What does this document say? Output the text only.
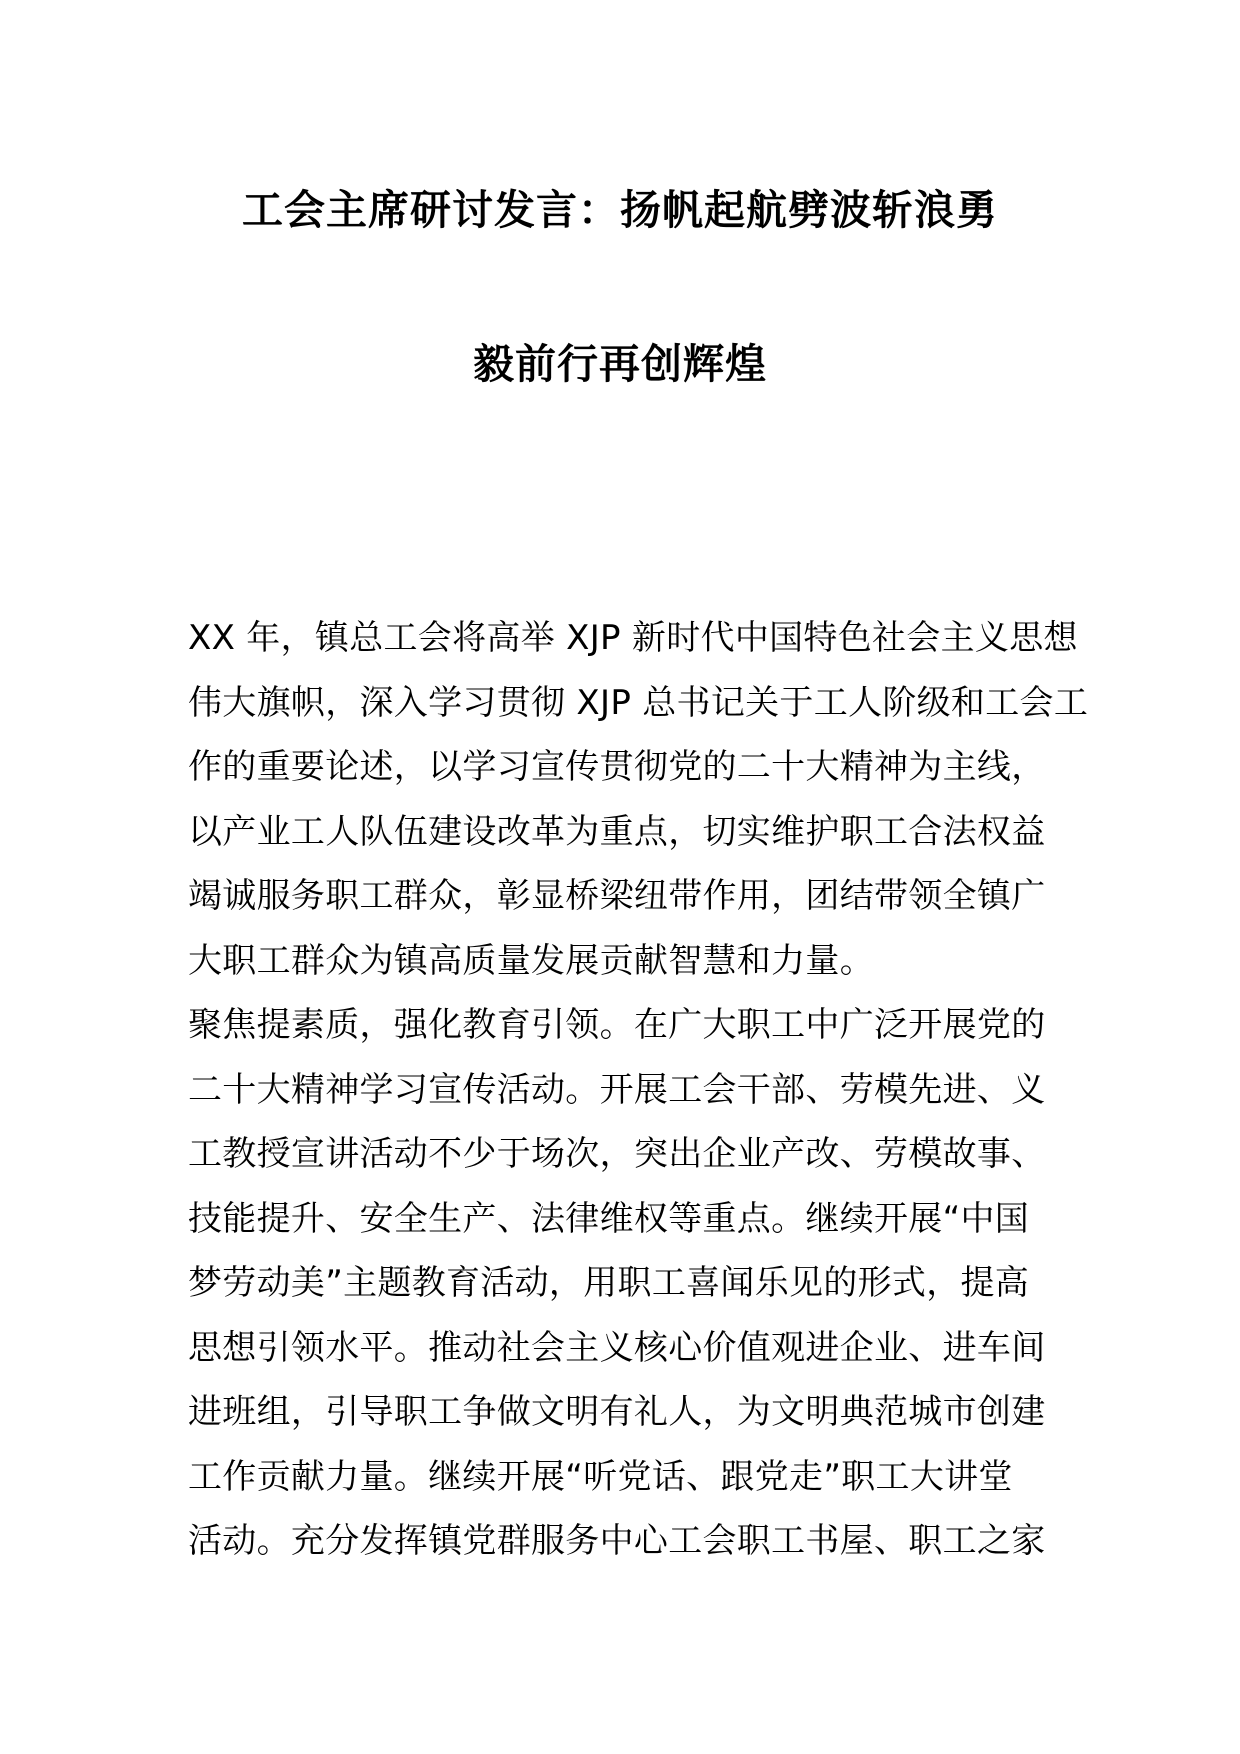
工会主席研讨发言：扬帆起航劈波斩浪勇
毅前行再创辉煌
XX 年，镇总工会将高举 XJP 新时代中国特色社会主义思想
伟大旗帜，深入学习贯彻 XJP 总书记关于工人阶级和工会工
作的重要论述，以学习宣传贯彻党的二十大精神为主线，
以产业工人队伍建设改革为重点，切实维护职工合法权益
竭诚服务职工群众，彰显桥梁纽带作用，团结带领全镇广
大职工群众为镇高质量发展贡献智慧和力量。
聚焦提素质，强化教育引领。在广大职工中广泛开展党的
二十大精神学习宣传活动。开展工会干部、劳模先进、义
工教授宣讲活动不少于场次，突出企业产改、劳模故事、
技能提升、安全生产、法律维权等重点。继续开展“中国
梦劳动美”主题教育活动，用职工喜闻乐见的形式，提高
思想引领水平。推动社会主义核心价值观进企业、进车间
进班组，引导职工争做文明有礼人，为文明典范城市创建
工作贡献力量。继续开展“听党话、跟党走”职工大讲堂
活动。充分发挥镇党群服务中心工会职工书屋、职工之家
